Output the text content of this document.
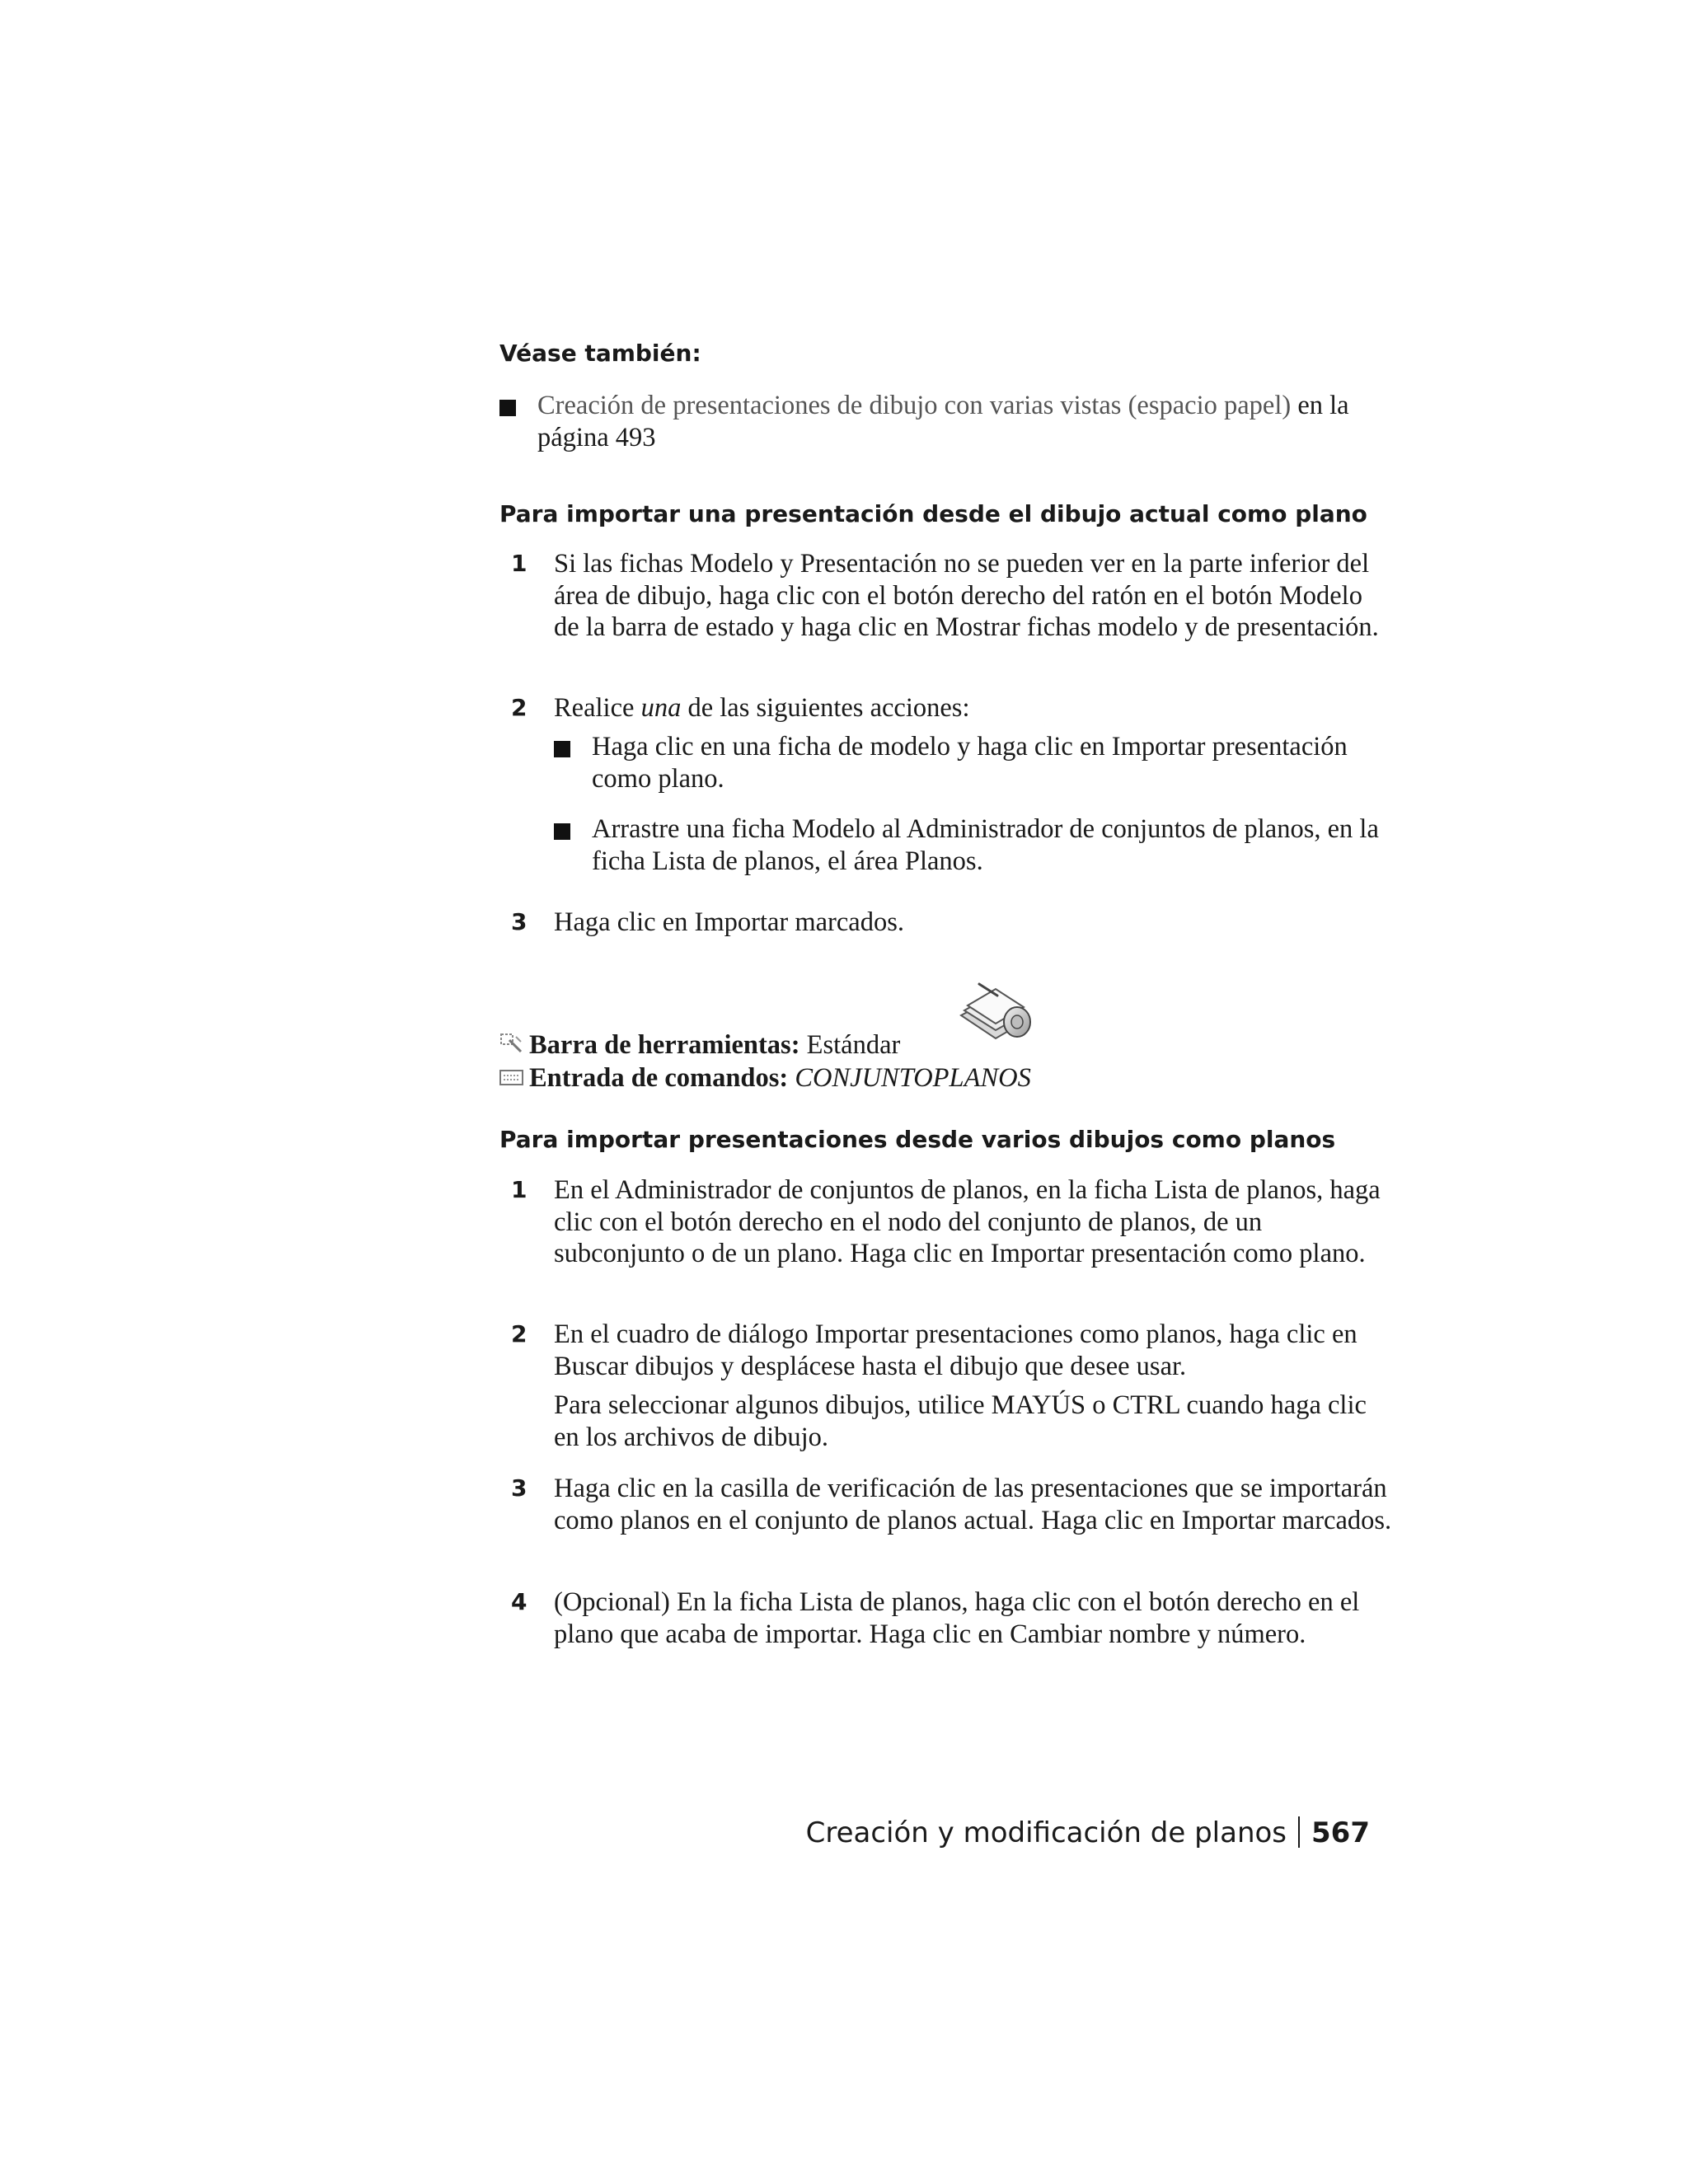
Véase también:
Creación de presentaciones de dibujo con varias vistas (espacio papel) en la página 493
Para importar una presentación desde el dibujo actual como plano
1 Si las fichas Modelo y Presentación no se pueden ver en la parte inferior del área de dibujo, haga clic con el botón derecho del ratón en el botón Modelo de la barra de estado y haga clic en Mostrar fichas modelo y de presentación.
2 Realice una de las siguientes acciones:
Haga clic en una ficha de modelo y haga clic en Importar presentación como plano.
Arrastre una ficha Modelo al Administrador de conjuntos de planos, en la ficha Lista de planos, el área Planos.
3 Haga clic en Importar marcados.
Barra de herramientas: Estándar
Entrada de comandos: CONJUNTOPLANOS
Para importar presentaciones desde varios dibujos como planos
1 En el Administrador de conjuntos de planos, en la ficha Lista de planos, haga clic con el botón derecho en el nodo del conjunto de planos, de un subconjunto o de un plano. Haga clic en Importar presentación como plano.
2 En el cuadro de diálogo Importar presentaciones como planos, haga clic en Buscar dibujos y desplácese hasta el dibujo que desee usar.
Para seleccionar algunos dibujos, utilice MAYÚS o CTRL cuando haga clic en los archivos de dibujo.
3 Haga clic en la casilla de verificación de las presentaciones que se importarán como planos en el conjunto de planos actual. Haga clic en Importar marcados.
4 (Opcional) En la ficha Lista de planos, haga clic con el botón derecho en el plano que acaba de importar. Haga clic en Cambiar nombre y número.
Creación y modificación de planos 567
